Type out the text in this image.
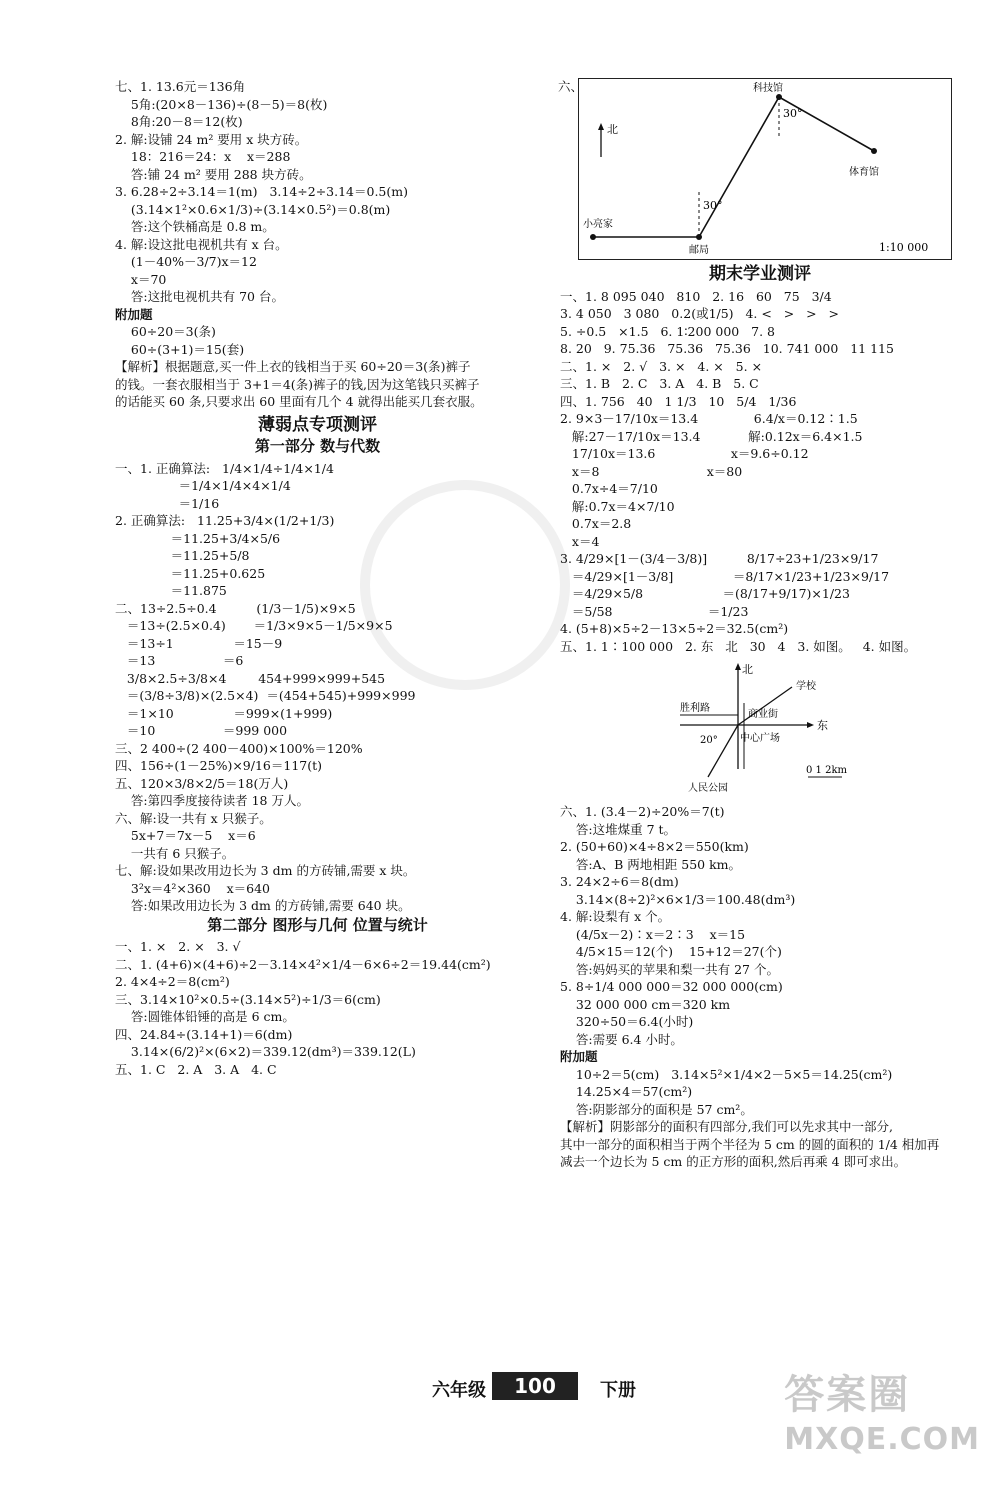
七、1. 13.6元＝136角
5角:(20×8－136)÷(8－5)＝8(枚)
8角:20－8＝12(枚)
2. 解:设铺 24 m² 要用 x 块方砖。
18：216＝24：x    x＝288
答:铺 24 m² 要用 288 块方砖。
3. 6.28÷2÷3.14＝1(m)   3.14÷2÷3.14＝0.5(m)
(3.14×1²×0.6×1/3)÷(3.14×0.5²)＝0.8(m)
答:这个铁桶高是 0.8 m。
4. 解:设这批电视机共有 x 台。
(1－40%－3/7)x＝12
x＝70
答:这批电视机共有 70 台。
附加题
60÷20＝3(条)
60÷(3+1)＝15(套)
【解析】根据题意,买一件上衣的钱相当于买 60÷20＝3(条)裤子
的钱。一套衣服相当于 3+1＝4(条)裤子的钱,因为这笔钱只买裤子
的话能买 60 条,只要求出 60 里面有几个 4 就得出能买几套衣服。
薄弱点专项测评
第一部分 数与代数
一、1. 正确算法:   1/4×1/4÷1/4×1/4
＝1/4×1/4×4×1/4
＝1/16
2. 正确算法:   11.25+3/4×(1/2+1/3)
＝11.25+3/4×5/6
＝11.25+5/8
＝11.25+0.625
＝11.875
二、13÷2.5÷0.4          (1/3－1/5)×9×5
＝13÷(2.5×0.4)       ＝1/3×9×5－1/5×9×5
＝13÷1               ＝15－9
＝13                 ＝6
3/8×2.5÷3/8×4        454+999×999+545
＝(3/8÷3/8)×(2.5×4)  ＝(454+545)+999×999
＝1×10               ＝999×(1+999)
＝10                 ＝999 000
三、2 400÷(2 400－400)×100%＝120%
四、156÷(1－25%)×9/16＝117(t)
五、120×3/8×2/5＝18(万人)
答:第四季度接待读者 18 万人。
六、解:设一共有 x 只猴子。
5x+7＝7x－5    x＝6
一共有 6 只猴子。
七、解:设如果改用边长为 3 dm 的方砖铺,需要 x 块。
3²x＝4²×360    x＝640
答:如果改用边长为 3 dm 的方砖铺,需要 640 块。
第二部分 图形与几何 位置与统计
一、1. ×   2. ×   3. √
二、1. (4+6)×(4+6)÷2－3.14×4²×1/4－6×6÷2＝19.44(cm²)
2. 4×4÷2＝8(cm²)
三、3.14×10²×0.5÷(3.14×5²)÷1/3＝6(cm)
答:圆锥体铅锤的高是 6 cm。
四、24.84÷(3.14+1)＝6(dm)
3.14×(6/2)²×(6×2)＝339.12(dm³)＝339.12(L)
五、1. C   2. A   3. A   4. C
六、
北
30°
30°
科技馆
体育馆
小亮家
邮局	1:10 000
期末学业测评
一、1. 8 095 040   810   2. 16   60   75   3/4
3. 4 050   3 080   0.2(或1/5)   4. <   >   >   >
5. ÷0.5   ×1.5   6. 1∶200 000   7. 8
8. 20   9. 75.36   75.36   75.36   10. 741 000   11 115
二、1. ×   2. √   3. ×   4. ×   5. ×
三、1. B   2. C   3. A   4. B   5. C
四、1. 756   40   1 1/3   10   5/4   1/36
2. 9×3－17/10x＝13.4              6.4/x＝0.12∶1.5
解:27－17/10x＝13.4            解:0.12x＝6.4×1.5
17/10x＝13.6                   x＝9.6÷0.12
x＝8                           x＝80
0.7x÷4＝7/10
解:0.7x＝4×7/10
0.7x＝2.8
x＝4
3. 4/29×[1－(3/4－3/8)]          8/17÷23+1/23×9/17
＝4/29×[1－3/8]               ＝8/17×1/23+1/23×9/17
＝4/29×5/8                    ＝(8/17+9/17)×1/23
＝5/58                        ＝1/23
4. (5+8)×5÷2－13×5÷2＝32.5(cm²)
五、1. 1∶100 000   2. 东   北   30   4   3. 如图。   4. 如图。
北
东
学校
胜利路
商业街
中心广场
20°
人民公园
0 1 2km
六、1. (3.4－2)÷20%＝7(t)
答:这堆煤重 7 t。
2. (50+60)×4÷8×2＝550(km)
答:A、B 两地相距 550 km。
3. 24×2÷6＝8(dm)
3.14×(8÷2)²×6×1/3＝100.48(dm³)
4. 解:设梨有 x 个。
(4/5x－2)∶x＝2∶3    x＝15
4/5×15＝12(个)    15+12＝27(个)
答:妈妈买的苹果和梨一共有 27 个。
5. 8÷1/4 000 000＝32 000 000(cm)
32 000 000 cm＝320 km
320÷50＝6.4(小时)
答:需要 6.4 小时。
附加题
10÷2＝5(cm)   3.14×5²×1/4×2－5×5＝14.25(cm²)
14.25×4＝57(cm²)
答:阴影部分的面积是 57 cm²。
【解析】阴影部分的面积有四部分,我们可以先求其中一部分,
其中一部分的面积相当于两个半径为 5 cm 的圆的面积的 1/4 相加再
减去一个边长为 5 cm 的正方形的面积,然后再乘 4 即可求出。
六年级	100	下册	答案圈
MXQE.COM
